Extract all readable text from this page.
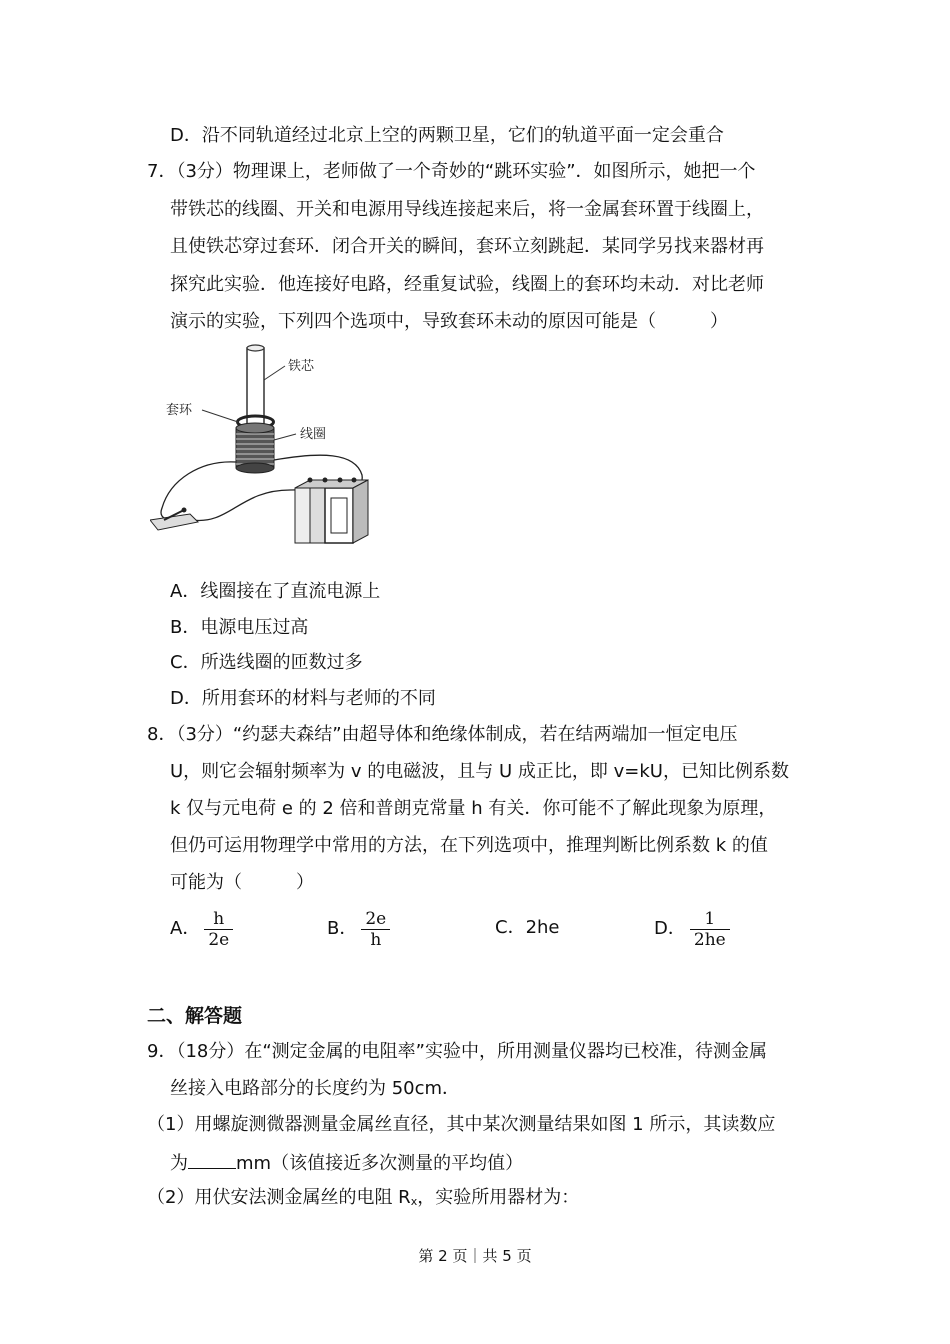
D．沿不同轨道经过北京上空的两颗卫星，它们的轨道平面一定会重合
7．（3分）物理课上，老师做了一个奇妙的“跳环实验”．如图所示，她把一个
带铁芯的线圈、开关和电源用导线连接起来后，将一金属套环置于线圈上，
且使铁芯穿过套环．闭合开关的瞬间，套环立刻跳起．某同学另找来器材再
探究此实验．他连接好电路，经重复试验，线圈上的套环均未动．对比老师
演示的实验，下列四个选项中，导致套环未动的原因可能是（　　　）
铁芯
套环
线圈
A．线圈接在了直流电源上
B．电源电压过高
C．所选线圈的匝数过多
D．所用套环的材料与老师的不同
8．（3分）“约瑟夫森结”由超导体和绝缘体制成，若在结两端加一恒定电压
U，则它会辐射频率为 v 的电磁波，且与 U 成正比，即 v=kU，已知比例系数
k 仅与元电荷 e 的 2 倍和普朗克常量 h 有关．你可能不了解此现象为原理，
但仍可运用物理学中常用的方法，在下列选项中，推理判断比例系数 k 的值
可能为（　　　）
A． $\frac{h}{2e}$	B． $\frac{2e}{h}$	C．2he	D． $\frac{1}{2he}$
二、解答题
9．（18分）在“测定金属的电阻率”实验中，所用测量仪器均已校准，待测金属
丝接入电路部分的长度约为 50cm．
（1）用螺旋测微器测量金属丝直径，其中某次测量结果如图 1 所示，其读数应
为	mm（该值接近多次测量的平均值）
（2）用伏安法测金属丝的电阻 Rx，实验所用器材为：
第 2 页｜共 5 页
